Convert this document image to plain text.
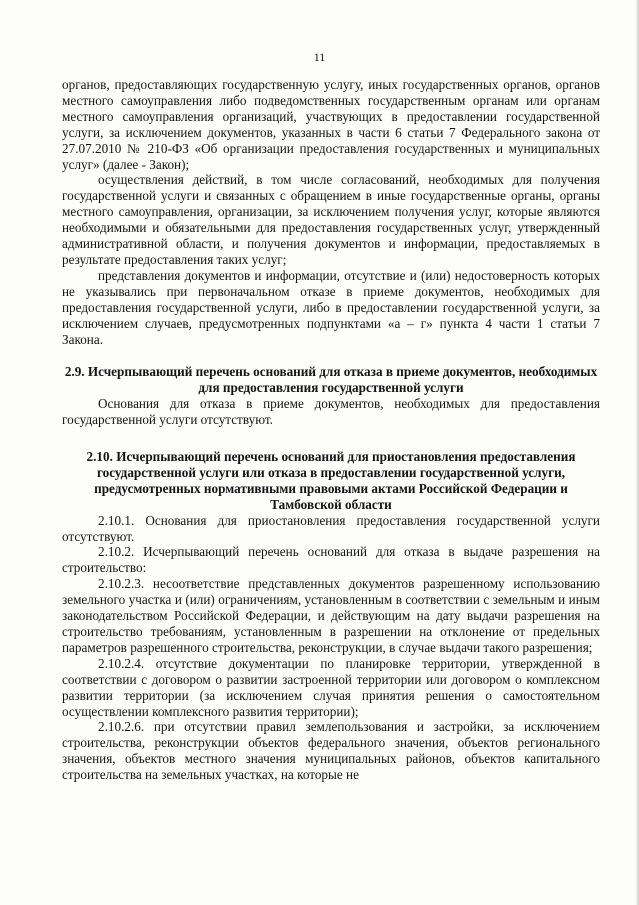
11

органов, предоставляющих государственную услугу, иных государственных органов, органов местного самоуправления либо подведомственных государственным органам или органам местного самоуправления организаций, участвующих в предоставлении государственной услуги, за исключением документов, указанных в части 6 статьи 7 Федерального закона от 27.07.2010 № 210-ФЗ «Об организации предоставления государственных и муниципальных услуг» (далее - Закон);

осуществления действий, в том числе согласований, необходимых для получения государственной услуги и связанных с обращением в иные государственные органы, органы местного самоуправления, организации, за исключением получения услуг, которые являются необходимыми и обязательными для предоставления государственных услуг, утвержденный административной области, и получения документов и информации, предоставляемых в результате предоставления таких услуг;

представления документов и информации, отсутствие и (или) недостоверность которых не указывались при первоначальном отказе в приеме документов, необходимых для предоставления государственной услуги, либо в предоставлении государственной услуги, за исключением случаев, предусмотренных подпунктами «а – г» пункта 4 части 1 статьи 7 Закона.

2.9. Исчерпывающий перечень оснований для отказа в приеме документов, необходимых для предоставления государственной услуги

Основания для отказа в приеме документов, необходимых для предоставления государственной услуги отсутствуют.

2.10. Исчерпывающий перечень оснований для приостановления предоставления государственной услуги или отказа в предоставлении государственной услуги, предусмотренных нормативными правовыми актами Российской Федерации и Тамбовской области

2.10.1. Основания для приостановления предоставления государственной услуги отсутствуют.

2.10.2. Исчерпывающий перечень оснований для отказа в выдаче разрешения на строительство:

2.10.2.3. несоответствие представленных документов разрешенному использованию земельного участка и (или) ограничениям, установленным в соответствии с земельным и иным законодательством Российской Федерации, и действующим на дату выдачи разрешения на строительство требованиям, установленным в разрешении на отклонение от предельных параметров разрешенного строительства, реконструкции, в случае выдачи такого разрешения;

2.10.2.4. отсутствие документации по планировке территории, утвержденной в соответствии с договором о развитии застроенной территории или договором о комплексном развитии территории (за исключением случая принятия решения о самостоятельном осуществлении комплексного развития территории);

2.10.2.6. при отсутствии правил землепользования и застройки, за исключением строительства, реконструкции объектов федерального значения, объектов регионального значения, объектов местного значения муниципальных районов, объектов капитального строительства на земельных участках, на которые не
